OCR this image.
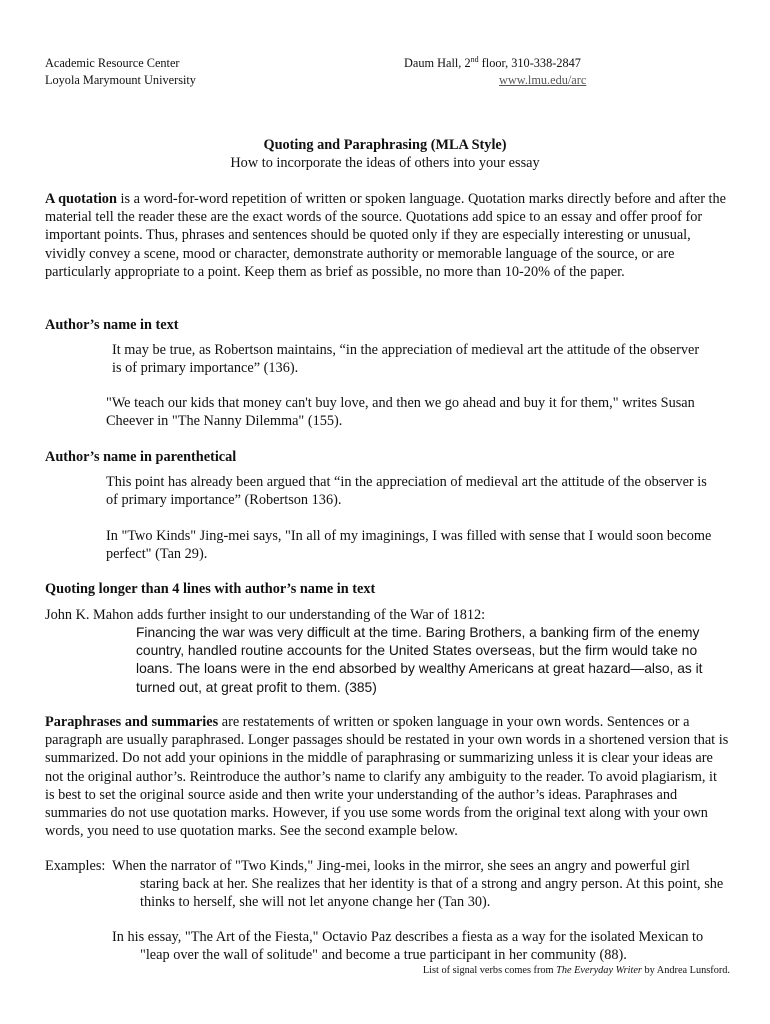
Academic Resource Center
Loyola Marymount University
Daum Hall, 2nd floor, 310-338-2847
www.lmu.edu/arc
Quoting and Paraphrasing (MLA Style)
How to incorporate the ideas of others into your essay

A quotation is a word-for-word repetition of written or spoken language. Quotation marks directly before and after the material tell the reader these are the exact words of the source. Quotations add spice to an essay and offer proof for important points. Thus, phrases and sentences should be quoted only if they are especially interesting or unusual, vividly convey a scene, mood or character, demonstrate authority or memorable language of the source, or are particularly appropriate to a point. Keep them as brief as possible, no more than 10-20% of the paper.

Author’s name in text
It may be true, as Robertson maintains, “in the appreciation of medieval art the attitude of the observer is of primary importance” (136).
"We teach our kids that money can't buy love, and then we go ahead and buy it for them," writes Susan Cheever in "The Nanny Dilemma" (155).
Author’s name in parenthetical
This point has already been argued that “in the appreciation of medieval art the attitude of the observer is of primary importance” (Robertson 136).
In "Two Kinds" Jing-mei says, "In all of my imaginings, I was filled with sense that I would soon become perfect" (Tan 29).
Quoting longer than 4 lines with author’s name in text
John K. Mahon adds further insight to our understanding of the War of 1812:
Financing the war was very difficult at the time. Baring Brothers, a banking firm of the enemy country, handled routine accounts for the United States overseas, but the firm would take no loans. The loans were in the end absorbed by wealthy Americans at great hazard—also, as it turned out, at great profit to them. (385)

Paraphrases and summaries are restatements of written or spoken language in your own words. Sentences or a paragraph are usually paraphrased. Longer passages should be restated in your own words in a shortened version that is summarized. Do not add your opinions in the middle of paraphrasing or summarizing unless it is clear your ideas are not the original author’s. Reintroduce the author’s name to clarify any ambiguity to the reader. To avoid plagiarism, it is best to set the original source aside and then write your understanding of the author’s ideas. Paraphrases and summaries do not use quotation marks. However, if you use some words from the original text along with your own words, you need to use quotation marks. See the second example below.

Examples: When the narrator of "Two Kinds," Jing-mei, looks in the mirror, she sees an angry and powerful girl staring back at her. She realizes that her identity is that of a strong and angry person. At this point, she thinks to herself, she will not let anyone change her (Tan 30).
In his essay, "The Art of the Fiesta," Octavio Paz describes a fiesta as a way for the isolated Mexican to "leap over the wall of solitude" and become a true participant in her community (88).
List of signal verbs comes from The Everyday Writer by Andrea Lunsford.
